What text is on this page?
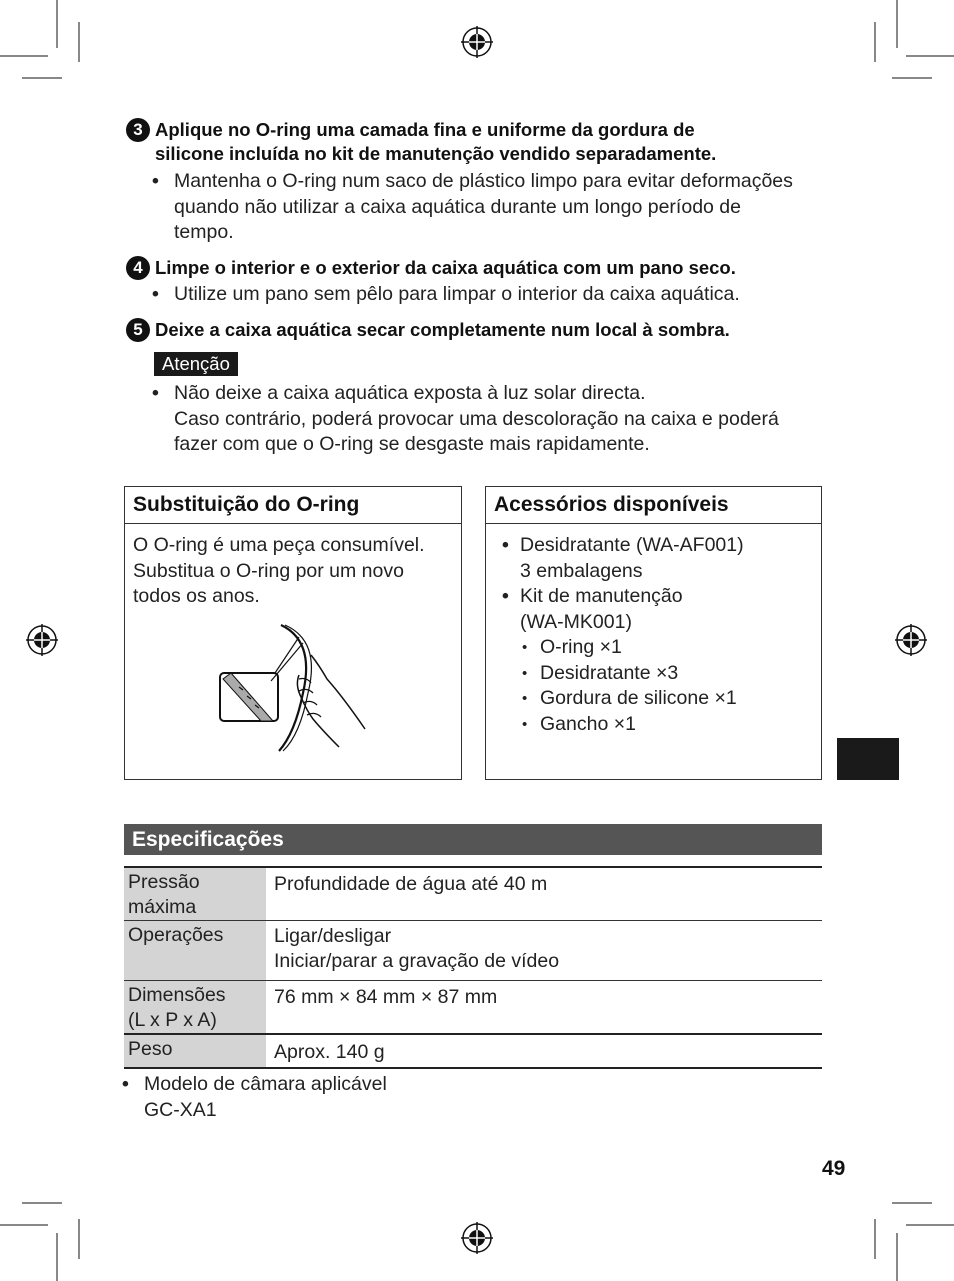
3 Aplique no O-ring uma camada fina e uniforme da gordura de
silicone incluída no kit de manutenção vendido separadamente.
• Mantenha o O-ring num saco de plástico limpo para evitar deformações
quando não utilizar a caixa aquática durante um longo período de
tempo.
4 Limpe o interior e o exterior da caixa aquática com um pano seco.
• Utilize um pano sem pêlo para limpar o interior da caixa aquática.
5 Deixe a caixa aquática secar completamente num local à sombra.
Atenção
• Não deixe a caixa aquática exposta à luz solar directa.
Caso contrário, poderá provocar uma descoloração na caixa e poderá
fazer com que o O-ring se desgaste mais rapidamente.
Substituição do O-ring
O O-ring é uma peça consumível.
Substitua o O-ring por um novo
todos os anos.
Acessórios disponíveis
• Desidratante (WA-AF001)
3 embalagens
• Kit de manutenção
(WA-MK001)
• O-ring ×1
• Desidratante ×3
• Gordura de silicone ×1
• Gancho ×1
Especificações
Pressão
máxima	Profundidade de água até 40 m
Operações	Ligar/desligar
Iniciar/parar a gravação de vídeo
Dimensões
(L x P x A)	76 mm × 84 mm × 87 mm
Peso	Aprox. 140 g
• Modelo de câmara aplicável
GC-XA1
49
